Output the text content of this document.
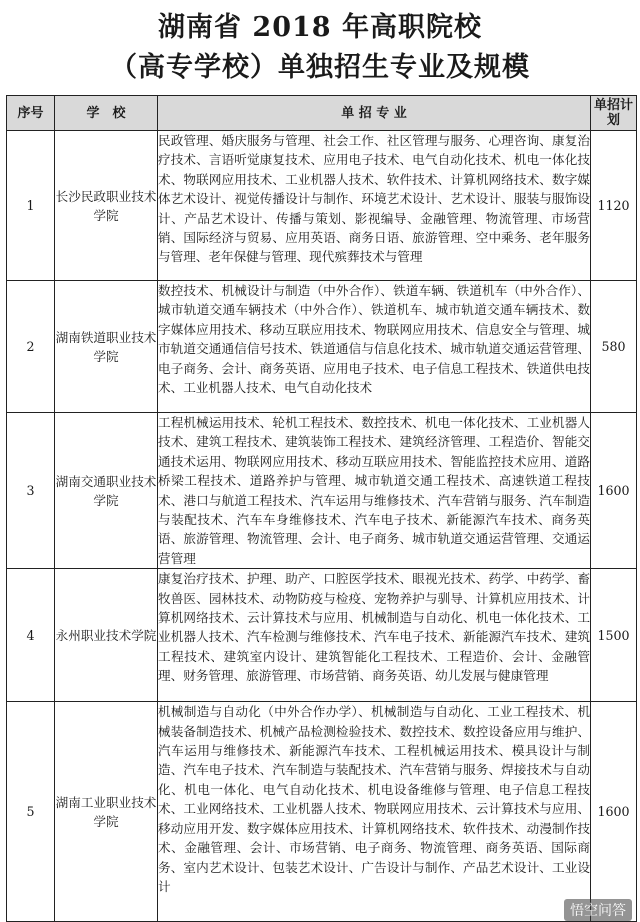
湖南省 2018 年高职院校
（高专学校）单独招生专业及规模
序号	学　校	单 招 专 业	单招计划
1	长沙民政职业技术学院	民政管理、婚庆服务与管理、社会工作、社区管理与服务、心理咨询、康复治疗技术、言语听觉康复技术、应用电子技术、电气自动化技术、机电一体化技术、物联网应用技术、工业机器人技术、软件技术、计算机网络技术、数字媒体艺术设计、视觉传播设计与制作、环境艺术设计、艺术设计、服装与服饰设计、产品艺术设计、传播与策划、影视编导、金融管理、物流管理、市场营销、国际经济与贸易、应用英语、商务日语、旅游管理、空中乘务、老年服务与管理、老年保健与管理、现代殡葬技术与管理	1120
2	湖南铁道职业技术学院	数控技术、机械设计与制造（中外合作）、铁道车辆、铁道机车（中外合作）、城市轨道交通车辆技术（中外合作）、铁道机车、城市轨道交通车辆技术、数字媒体应用技术、移动互联应用技术、物联网应用技术、信息安全与管理、城市轨道交通通信信号技术、铁道通信与信息化技术、城市轨道交通运营管理、电子商务、会计、商务英语、应用电子技术、电子信息工程技术、铁道供电技术、工业机器人技术、电气自动化技术	580
3	湖南交通职业技术学院	工程机械运用技术、轮机工程技术、数控技术、机电一体化技术、工业机器人技术、建筑工程技术、建筑装饰工程技术、建筑经济管理、工程造价、智能交通技术运用、物联网应用技术、移动互联应用技术、智能监控技术应用、道路桥梁工程技术、道路养护与管理、城市轨道交通工程技术、高速铁道工程技术、港口与航道工程技术、汽车运用与维修技术、汽车营销与服务、汽车制造与装配技术、汽车车身维修技术、汽车电子技术、新能源汽车技术、商务英语、旅游管理、物流管理、会计、电子商务、城市轨道交通运营管理、交通运营管理	1600
4	永州职业技术学院	康复治疗技术、护理、助产、口腔医学技术、眼视光技术、药学、中药学、畜牧兽医、园林技术、动物防疫与检疫、宠物养护与驯导、计算机应用技术、计算机网络技术、云计算技术与应用、机械制造与自动化、机电一体化技术、工业机器人技术、汽车检测与维修技术、汽车电子技术、新能源汽车技术、建筑工程技术、建筑室内设计、建筑智能化工程技术、工程造价、会计、金融管理、财务管理、旅游管理、市场营销、商务英语、幼儿发展与健康管理	1500
5	湖南工业职业技术学院	机械制造与自动化（中外合作办学）、机械制造与自动化、工业工程技术、机械装备制造技术、机械产品检测检验技术、数控技术、数控设备应用与维护、汽车运用与维修技术、新能源汽车技术、工程机械运用技术、模具设计与制造、汽车电子技术、汽车制造与装配技术、汽车营销与服务、焊接技术与自动化、机电一体化、电气自动化技术、机电设备维修与管理、电子信息工程技术、工业网络技术、工业机器人技术、物联网应用技术、云计算技术与应用、移动应用开发、数字媒体应用技术、计算机网络技术、软件技术、动漫制作技术、金融管理、会计、市场营销、电子商务、物流管理、商务英语、国际商务、室内艺术设计、包装艺术设计、广告设计与制作、产品艺术设计、工业设计	1600
悟空问答
